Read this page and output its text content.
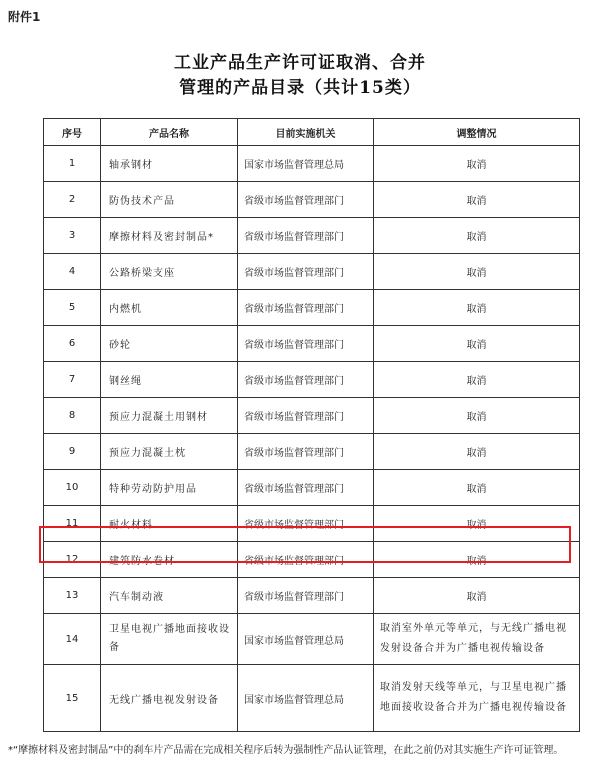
附件1
工业产品生产许可证取消、合并
管理的产品目录（共计15类）
序号	产品名称	目前实施机关	调整情况
1	轴承钢材	国家市场监督管理总局	取消
2	防伪技术产品	省级市场监督管理部门	取消
3	摩擦材料及密封制品*	省级市场监督管理部门	取消
4	公路桥梁支座	省级市场监督管理部门	取消
5	内燃机	省级市场监督管理部门	取消
6	砂轮	省级市场监督管理部门	取消
7	钢丝绳	省级市场监督管理部门	取消
8	预应力混凝土用钢材	省级市场监督管理部门	取消
9	预应力混凝土枕	省级市场监督管理部门	取消
10	特种劳动防护用品	省级市场监督管理部门	取消
11	耐火材料	省级市场监督管理部门	取消
12	建筑防水卷材	省级市场监督管理部门	取消
13	汽车制动液	省级市场监督管理部门	取消
14	卫星电视广播地面接收设备	国家市场监督管理总局	取消室外单元等单元，与无线广播电视发射设备合并为广播电视传输设备
15	无线广播电视发射设备	国家市场监督管理总局	取消发射天线等单元，与卫星电视广播地面接收设备合并为广播电视传输设备
*“摩擦材料及密封制品”中的刹车片产品需在完成相关程序后转为强制性产品认证管理，在此之前仍对其实施生产许可证管理。
